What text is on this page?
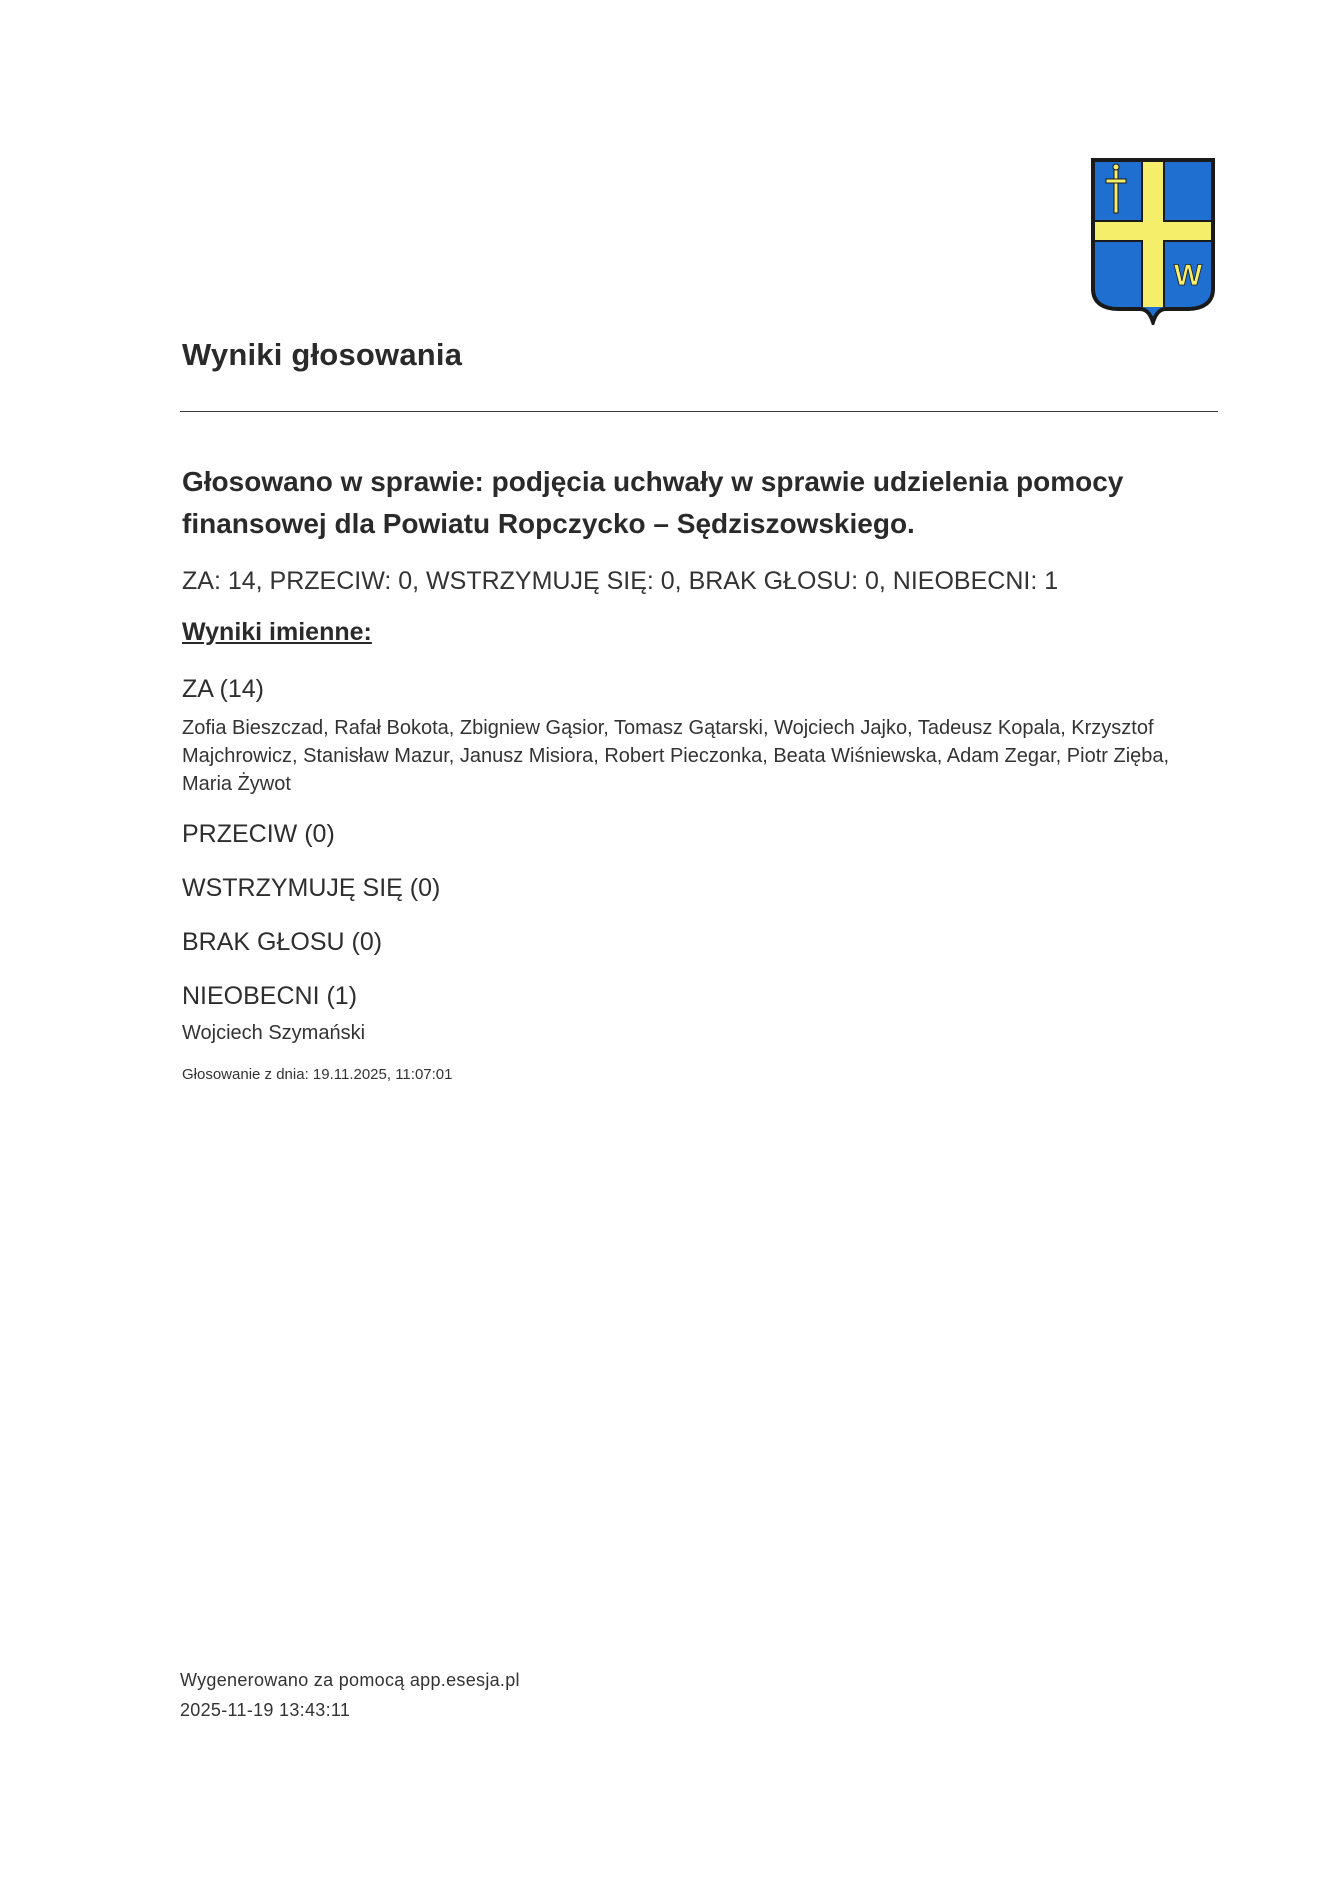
W
Wyniki głosowania

Głosowano w sprawie: podjęcia uchwały w sprawie udzielenia pomocy finansowej dla Powiatu Ropczycko – Sędziszowskiego.

ZA: 14, PRZECIW: 0, WSTRZYMUJĘ SIĘ: 0, BRAK GŁOSU: 0, NIEOBECNI: 1

Wyniki imienne:

ZA (14)

Zofia Bieszczad, Rafał Bokota, Zbigniew Gąsior, Tomasz Gątarski, Wojciech Jajko, Tadeusz Kopala, Krzysztof Majchrowicz, Stanisław Mazur, Janusz Misiora, Robert Pieczonka, Beata Wiśniewska, Adam Zegar, Piotr Zięba, Maria Żywot

PRZECIW (0)

WSTRZYMUJĘ SIĘ (0)

BRAK GŁOSU (0)

NIEOBECNI (1)

Wojciech Szymański

Głosowanie z dnia: 19.11.2025, 11:07:01

Wygenerowano za pomocą app.esesja.pl

2025-11-19 13:43:11
